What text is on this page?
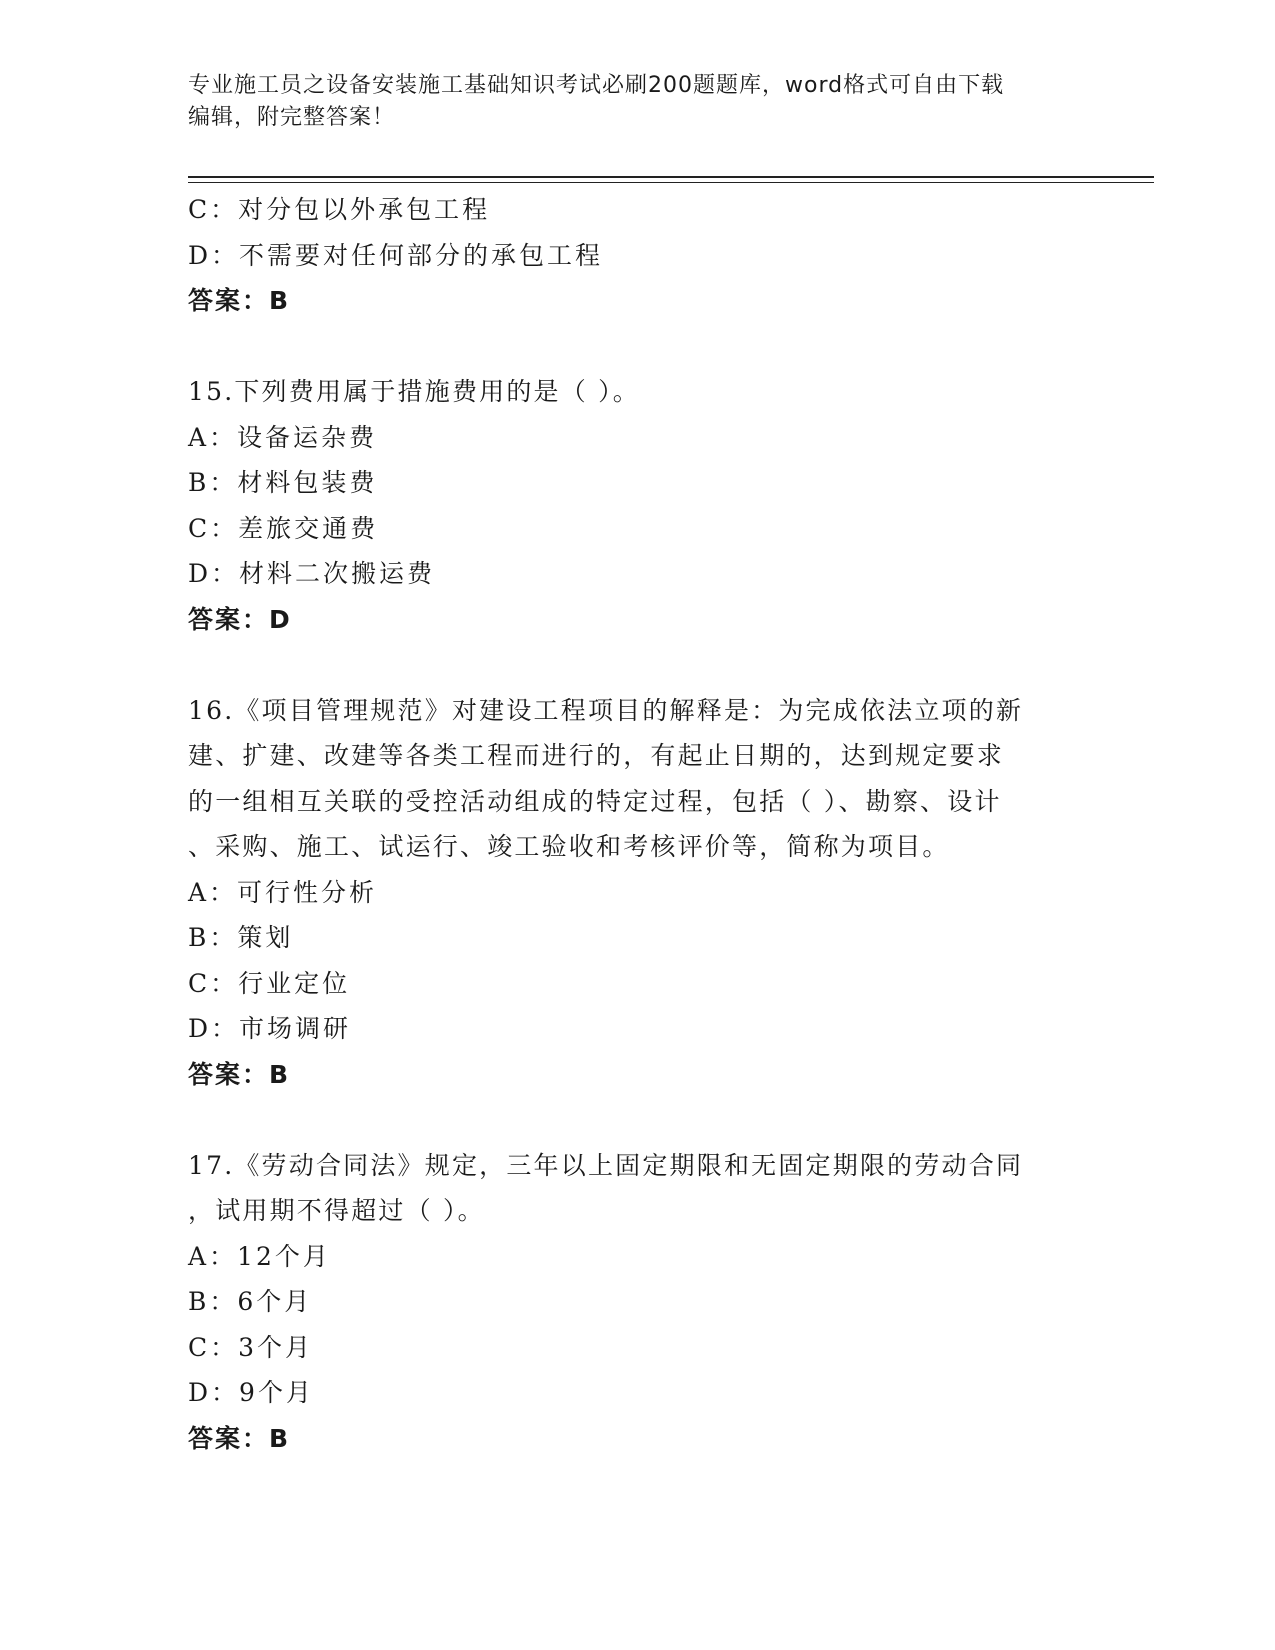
专业施工员之设备安装施工基础知识考试必刷200题题库，word格式可自由下载
编辑，附完整答案！
C：对分包以外承包工程
D：不需要对任何部分的承包工程
答案：B
15.下列费用属于措施费用的是（ ）。
A：设备运杂费
B：材料包装费
C：差旅交通费
D：材料二次搬运费
答案：D
16.《项目管理规范》对建设工程项目的解释是：为完成依法立项的新
建、扩建、改建等各类工程而进行的，有起止日期的，达到规定要求
的一组相互关联的受控活动组成的特定过程，包括（ ）、勘察、设计
、采购、施工、试运行、竣工验收和考核评价等，简称为项目。
A：可行性分析
B：策划
C：行业定位
D：市场调研
答案：B
17.《劳动合同法》规定，三年以上固定期限和无固定期限的劳动合同
，试用期不得超过（ ）。
A：12个月
B：6个月
C：3个月
D：9个月
答案：B
